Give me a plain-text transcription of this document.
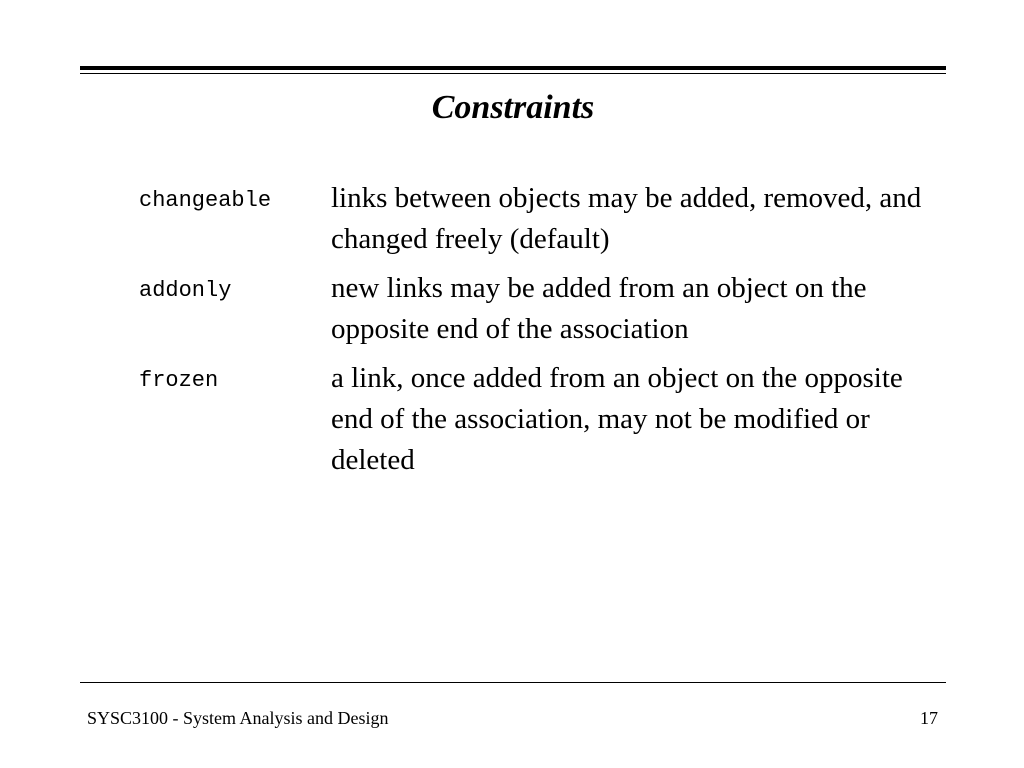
Constraints
changeable	links between objects may be added, removed, and changed freely (default)
addonly	new links may be added from an object on the opposite end of the association
frozen	a link, once added from an object on the opposite end of the association, may not be modified or deleted
SYSC3100 - System Analysis and Design	17
